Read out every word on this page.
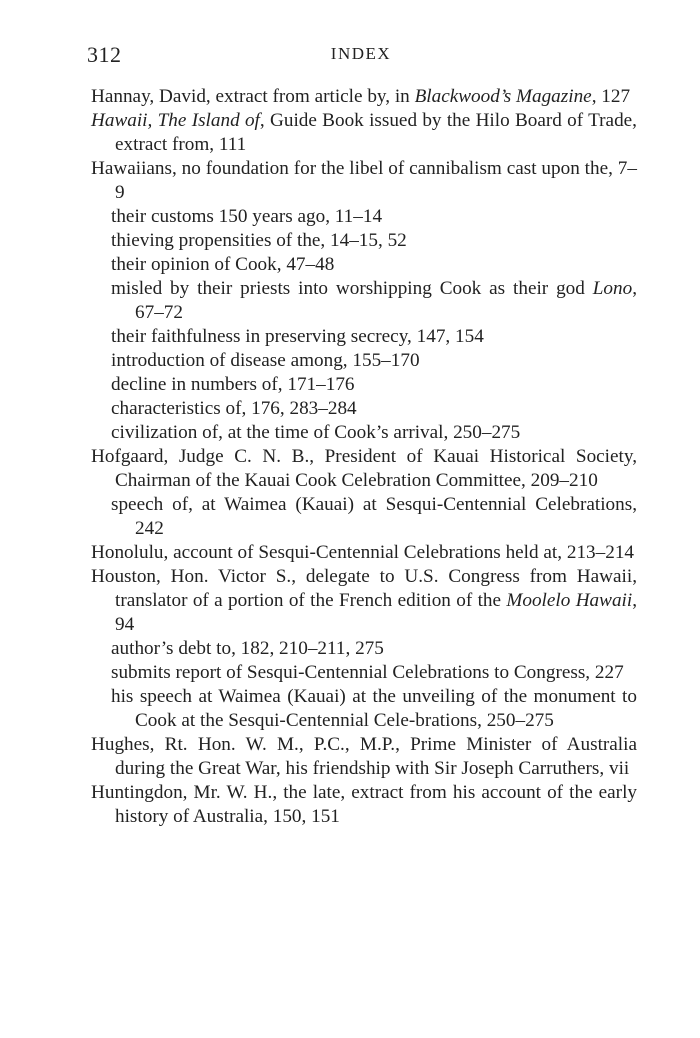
312	INDEX

Hannay, David, extract from article by, in Blackwood’s Magazine, 127

Hawaii, The Island of, Guide Book issued by the Hilo Board of Trade, extract from, 111

Hawaiians, no foundation for the libel of cannibalism cast upon the, 7–9

their customs 150 years ago, 11–14

thieving propensities of the, 14–15, 52

their opinion of Cook, 47–48

misled by their priests into worshipping Cook as their god Lono, 67–72

their faithfulness in preserving secrecy, 147, 154

introduction of disease among, 155–170

decline in numbers of, 171–176

characteristics of, 176, 283–284

civilization of, at the time of Cook’s arrival, 250–275

Hofgaard, Judge C. N. B., President of Kauai Historical Society, Chairman of the Kauai Cook Celebration Committee, 209–210

speech of, at Waimea (Kauai) at Sesqui-Centennial Celebrations, 242

Honolulu, account of Sesqui-Centennial Celebrations held at, 213–214

Houston, Hon. Victor S., delegate to U.S. Congress from Hawaii, translator of a portion of the French edition of the Moolelo Hawaii, 94

author’s debt to, 182, 210–211, 275

submits report of Sesqui-Centennial Celebrations to Congress, 227

his speech at Waimea (Kauai) at the unveiling of the monument to Cook at the Sesqui-Centennial Cele-brations, 250–275

Hughes, Rt. Hon. W. M., P.C., M.P., Prime Minister of Australia during the Great War, his friendship with Sir Joseph Carruthers, vii

Huntingdon, Mr. W. H., the late, extract from his account of the early history of Australia, 150, 151
